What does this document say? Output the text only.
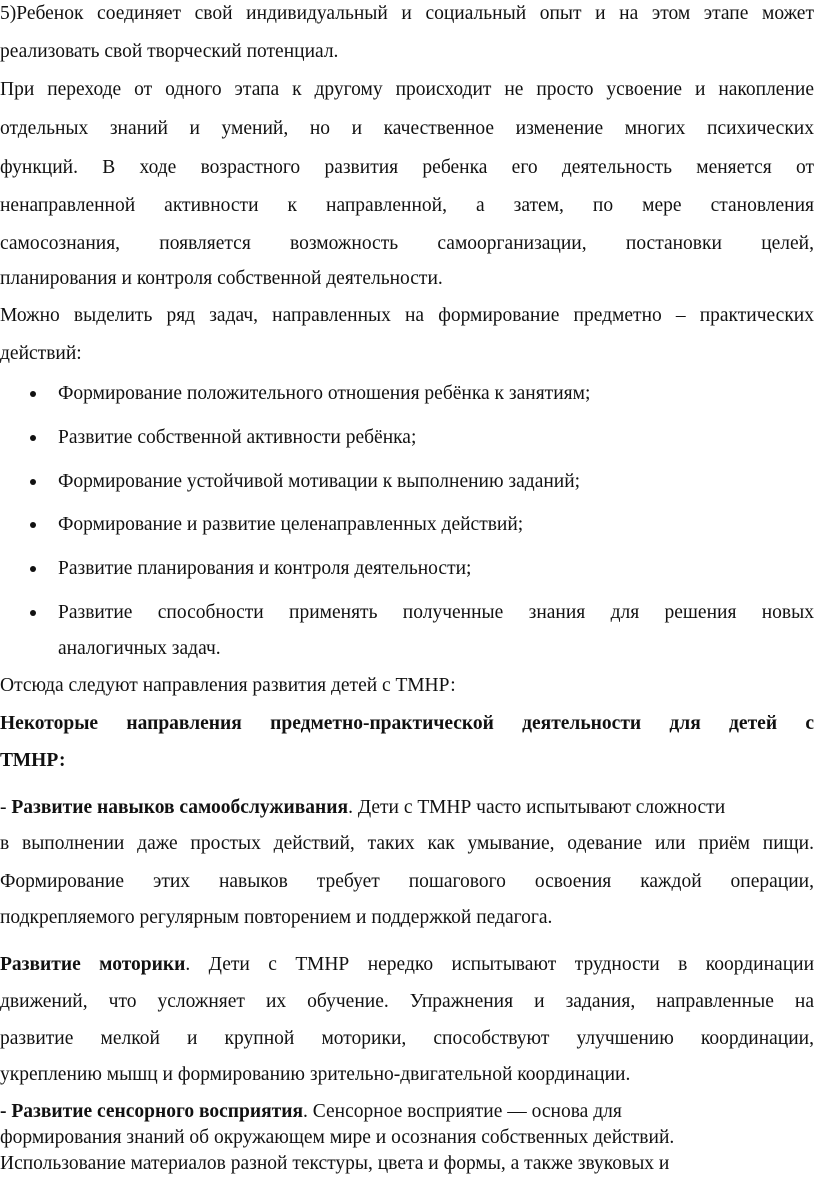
5)Ребенок соединяет свой индивидуальный и социальный опыт и на этом этапе может
реализовать свой творческий потенциал.
При переходе от одного этапа к другому происходит не просто усвоение и накопление
отдельных знаний и умений, но и качественное изменение многих психических
функций. В ходе возрастного развития ребенка его деятельность меняется от
ненаправленной активности к направленной, а затем, по мере становления
самосознания, появляется возможность самоорганизации, постановки целей,
планирования и контроля собственной деятельности.
Можно выделить ряд задач, направленных на формирование предметно – практических
действий:
Формирование положительного отношения ребёнка к занятиям;
Развитие собственной активности ребёнка;
Формирование устойчивой мотивации к выполнению заданий;
Формирование и развитие целенаправленных действий;
Развитие планирования и контроля деятельности;
Развитие способности применять полученные знания для решения новых
аналогичных задач.
Отсюда следуют направления развития детей с ТМНР:
Некоторые направления предметно-практической деятельности для детей с
ТМНР:
- Развитие навыков самообслуживания. Дети с ТМНР часто испытывают сложности
в выполнении даже простых действий, таких как умывание, одевание или приём пищи.
Формирование этих навыков требует пошагового освоения каждой операции,
подкрепляемого регулярным повторением и поддержкой педагога.
Развитие моторики. Дети с ТМНР нередко испытывают трудности в координации
движений, что усложняет их обучение. Упражнения и задания, направленные на
развитие мелкой и крупной моторики, способствуют улучшению координации,
укреплению мышц и формированию зрительно-двигательной координации.
- Развитие сенсорного восприятия. Сенсорное восприятие — основа для
формирования знаний об окружающем мире и осознания собственных действий.
Использование материалов разной текстуры, цвета и формы, а также звуковых и
